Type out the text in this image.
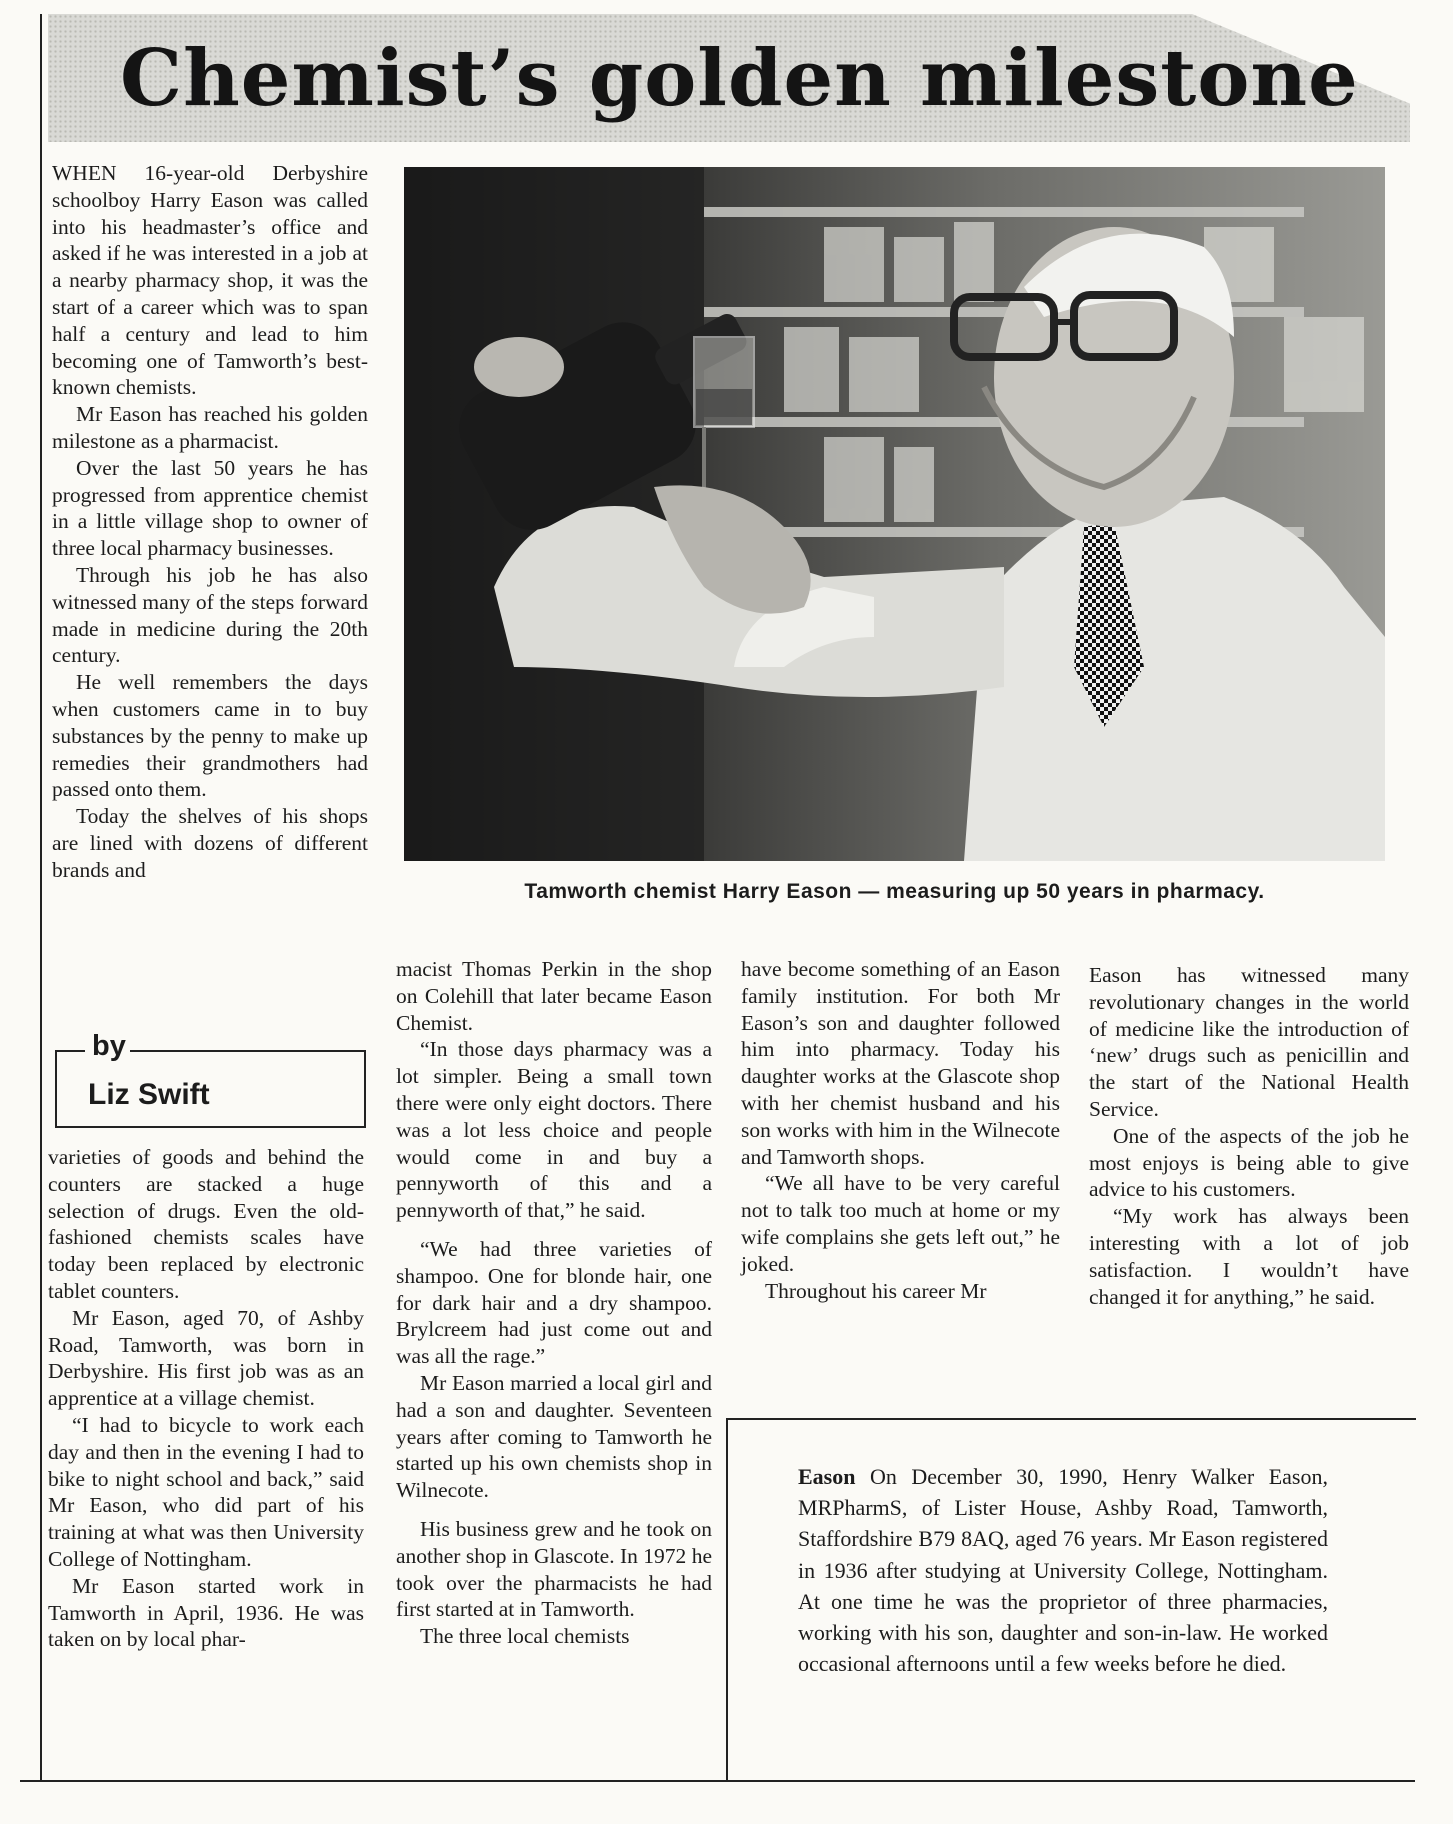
Chemist’s golden milestone

Tamworth chemist Harry Eason — measuring up 50 years in pharmacy.

WHEN 16-year-old Derbyshire schoolboy Harry Eason was called into his headmaster’s office and asked if he was interested in a job at a nearby pharmacy shop, it was the start of a career which was to span half a century and lead to him becoming one of Tamworth’s best-known chemists.

Mr Eason has reached his golden milestone as a pharmacist.

Over the last 50 years he has progressed from apprentice chemist in a little village shop to owner of three local pharmacy businesses.

Through his job he has also witnessed many of the steps forward made in medicine during the 20th century.

He well remembers the days when customers came in to buy substances by the penny to make up remedies their grandmothers had passed onto them.

Today the shelves of his shops are lined with dozens of different brands and

by
Liz Swift

varieties of goods and behind the counters are stacked a huge selection of drugs. Even the old-fashioned chemists scales have today been replaced by electronic tablet counters.

Mr Eason, aged 70, of Ashby Road, Tamworth, was born in Derbyshire. His first job was as an apprentice at a village chemist.

“I had to bicycle to work each day and then in the evening I had to bike to night school and back,” said Mr Eason, who did part of his training at what was then University College of Nottingham.

Mr Eason started work in Tamworth in April, 1936. He was taken on by local phar-

macist Thomas Perkin in the shop on Colehill that later became Eason Chemist.

“In those days pharmacy was a lot simpler. Being a small town there were only eight doctors. There was a lot less choice and people would come in and buy a pennyworth of this and a pennyworth of that,” he said.

“We had three varieties of shampoo. One for blonde hair, one for dark hair and a dry shampoo. Brylcreem had just come out and was all the rage.”

Mr Eason married a local girl and had a son and daughter. Seventeen years after coming to Tamworth he started up his own chemists shop in Wilnecote.

His business grew and he took on another shop in Glascote. In 1972 he took over the pharmacists he had first started at in Tamworth.

The three local chemists

have become something of an Eason family institution. For both Mr Eason’s son and daughter followed him into pharmacy. Today his daughter works at the Glascote shop with her chemist husband and his son works with him in the Wilnecote and Tamworth shops.

“We all have to be very careful not to talk too much at home or my wife complains she gets left out,” he joked.

Throughout his career Mr

Eason has witnessed many revolutionary changes in the world of medicine like the introduction of ‘new’ drugs such as penicillin and the start of the National Health Service.

One of the aspects of the job he most enjoys is being able to give advice to his customers.

“My work has always been interesting with a lot of job satisfaction. I wouldn’t have changed it for anything,” he said.

Eason On December 30, 1990, Henry Walker Eason, MRPharmS, of Lister House, Ashby Road, Tamworth, Staffordshire B79 8AQ, aged 76 years. Mr Eason registered in 1936 after studying at University College, Nottingham. At one time he was the proprietor of three pharmacies, working with his son, daughter and son-in-law. He worked occasional afternoons until a few weeks before he died.
